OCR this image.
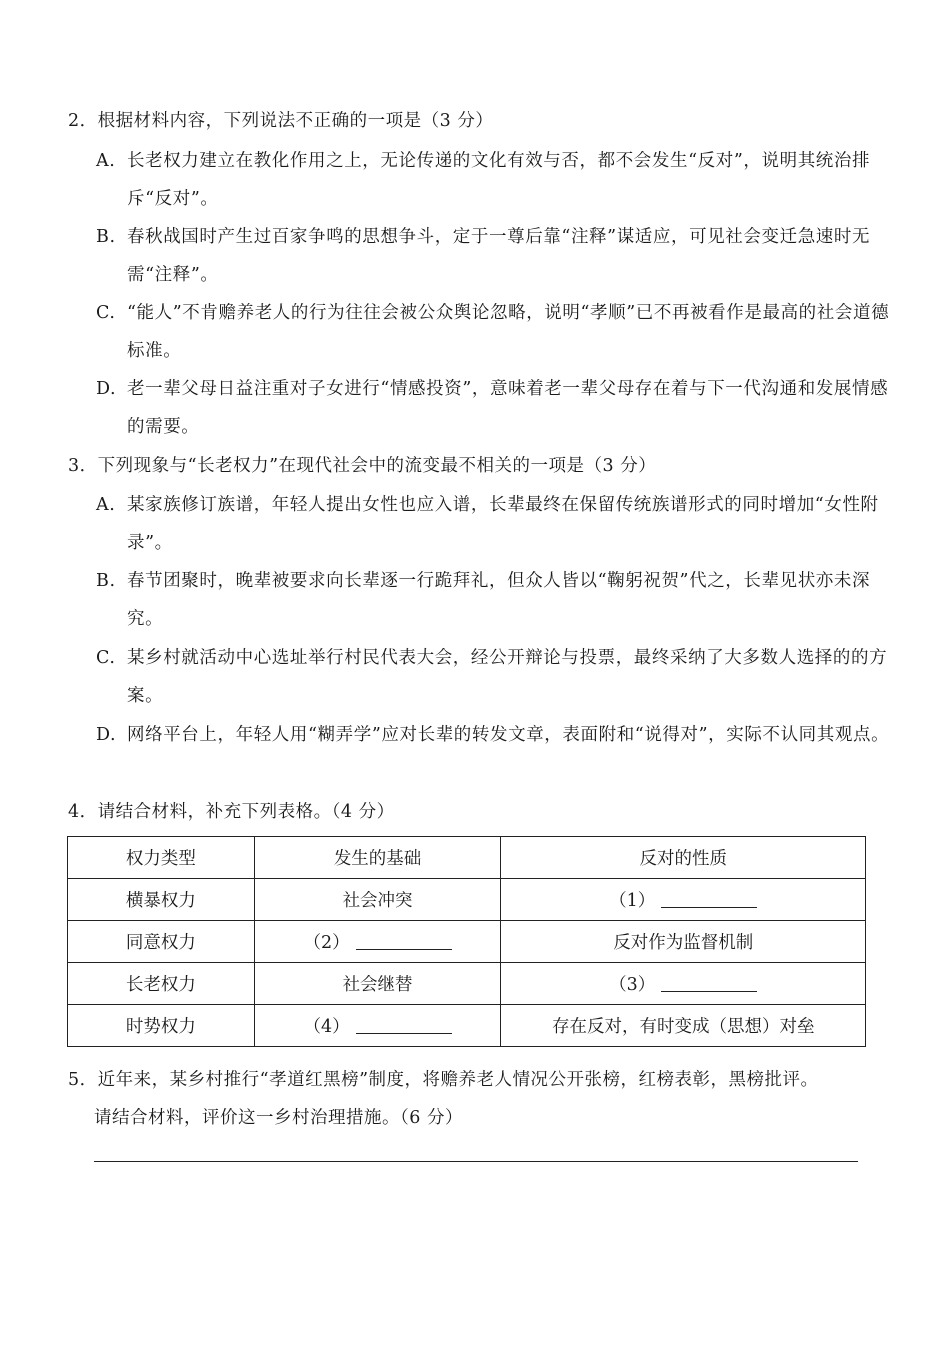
2．根据材料内容，下列说法不正确的一项是（3 分）
A. 长老权力建立在教化作用之上，无论传递的文化有效与否，都不会发生“反对”，说明其统治排斥“反对”。
B. 春秋战国时产生过百家争鸣的思想争斗，定于一尊后靠“注释”谋适应，可见社会变迁急速时无需“注释”。
C. “能人”不肯赡养老人的行为往往会被公众舆论忽略，说明“孝顺”已不再被看作是最高的社会道德标准。
D. 老一辈父母日益注重对子女进行“情感投资”，意味着老一辈父母存在着与下一代沟通和发展情感的需要。
3．下列现象与“长老权力”在现代社会中的流变最不相关的一项是（3 分）
A. 某家族修订族谱，年轻人提出女性也应入谱，长辈最终在保留传统族谱形式的同时增加“女性附录”。
B. 春节团聚时，晚辈被要求向长辈逐一行跪拜礼，但众人皆以“鞠躬祝贺”代之，长辈见状亦未深究。
C. 某乡村就活动中心选址举行村民代表大会，经公开辩论与投票，最终采纳了大多数人选择的的方案。
D. 网络平台上，年轻人用“糊弄学”应对长辈的转发文章，表面附和“说得对”，实际不认同其观点。
4．请结合材料，补充下列表格。（4 分）
权力类型	发生的基础	反对的性质
横暴权力	社会冲突	（1）
同意权力	（2）	反对作为监督机制
长老权力	社会继替	（3）
时势权力	（4）	存在反对，有时变成（思想）对垒
5．近年来，某乡村推行“孝道红黑榜”制度，将赡养老人情况公开张榜，红榜表彰，黑榜批评。
请结合材料，评价这一乡村治理措施。（6 分）
